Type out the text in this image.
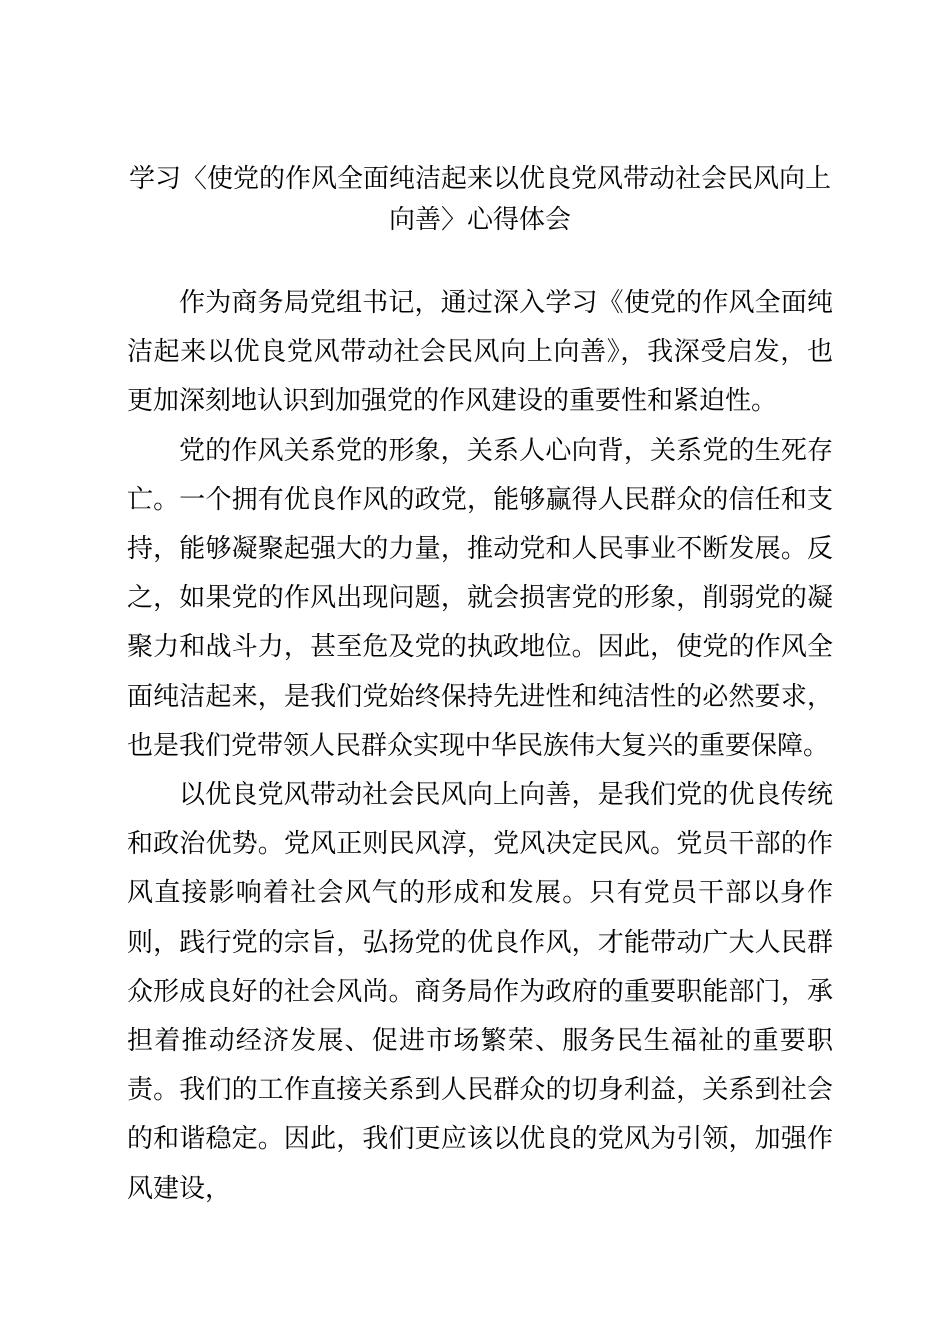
学习〈使党的作风全面纯洁起来以优良党风带动社会民风向上向善〉心得体会

作为商务局党组书记，通过深入学习《使党的作风全面纯洁起来以优良党风带动社会民风向上向善》，我深受启发，也更加深刻地认识到加强党的作风建设的重要性和紧迫性。

党的作风关系党的形象，关系人心向背，关系党的生死存亡。一个拥有优良作风的政党，能够赢得人民群众的信任和支持，能够凝聚起强大的力量，推动党和人民事业不断发展。反之，如果党的作风出现问题，就会损害党的形象，削弱党的凝聚力和战斗力，甚至危及党的执政地位。因此，使党的作风全面纯洁起来，是我们党始终保持先进性和纯洁性的必然要求，也是我们党带领人民群众实现中华民族伟大复兴的重要保障。

以优良党风带动社会民风向上向善，是我们党的优良传统和政治优势。党风正则民风淳，党风决定民风。党员干部的作风直接影响着社会风气的形成和发展。只有党员干部以身作则，践行党的宗旨，弘扬党的优良作风，才能带动广大人民群众形成良好的社会风尚。商务局作为政府的重要职能部门，承担着推动经济发展、促进市场繁荣、服务民生福祉的重要职责。我们的工作直接关系到人民群众的切身利益，关系到社会的和谐稳定。因此，我们更应该以优良的党风为引领，加强作风建设，
